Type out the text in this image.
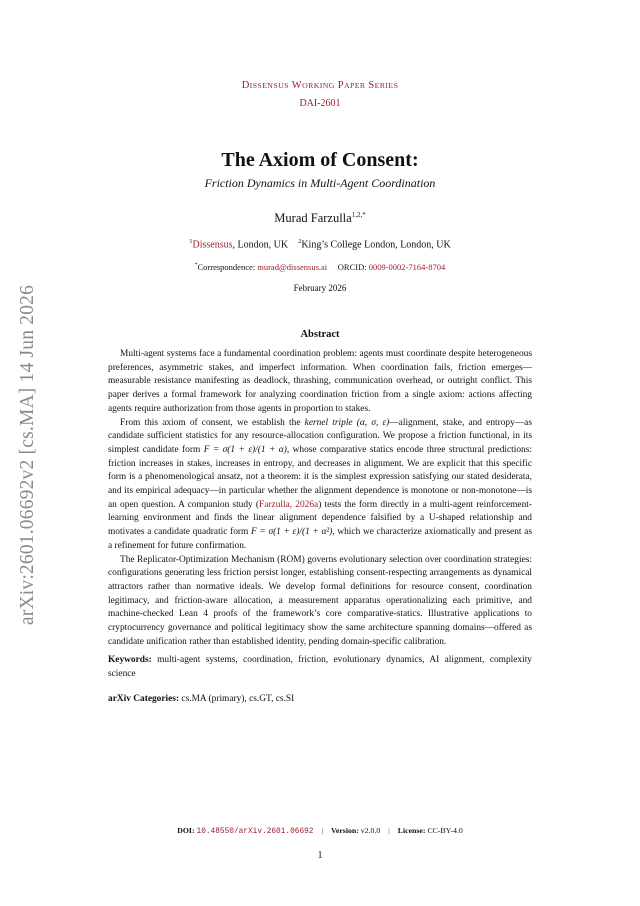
arXiv:2601.06692v2 [cs.MA] 14 Jun 2026
DISSENSUS WORKING PAPER SERIES
DAI-2601
The Axiom of Consent:
Friction Dynamics in Multi-Agent Coordination
Murad Farzulla$^{1,2,*}$
$^1$Dissensus, London, UK $^2$King’s College London, London, UK
*Correspondence: murad@dissensus.ai ORCID: 0009-0002-7164-8704
February 2026
Abstract

Multi-agent systems face a fundamental coordination problem: agents must coordinate despite heterogeneous preferences, asymmetric stakes, and imperfect information. When coordination fails, friction emerges—measurable resistance manifesting as deadlock, thrashing, communication overhead, or outright conflict. This paper derives a formal framework for analyzing coordination friction from a single axiom: actions affecting agents require authorization from those agents in proportion to stakes.

From this axiom of consent, we establish the kernel triple (α, σ, ε)—alignment, stake, and entropy—as candidate sufficient statistics for any resource-allocation configuration. We propose a friction functional, in its simplest candidate form F = σ(1 + ε)/(1 + α), whose comparative statics encode three structural predictions: friction increases in stakes, increases in entropy, and decreases in alignment. We are explicit that this specific form is a phenomenological ansatz, not a theorem: it is the simplest expression satisfying our stated desiderata, and its empirical adequacy—in particular whether the alignment dependence is monotone or non-monotone—is an open question. A companion study (Farzulla, 2026a) tests the form directly in a multi-agent reinforcement-learning environment and finds the linear alignment dependence falsified by a U-shaped relationship and motivates a candidate quadratic form F = σ(1 + ε)/(1 + α²), which we characterize axiomatically and present as a refinement for future confirmation.

The Replicator-Optimization Mechanism (ROM) governs evolutionary selection over coordination strategies: configurations generating less friction persist longer, establishing consent-respecting arrangements as dynamical attractors rather than normative ideals. We develop formal definitions for resource consent, coordination legitimacy, and friction-aware allocation, a measurement apparatus operationalizing each primitive, and machine-checked Lean 4 proofs of the framework’s core comparative-statics. Illustrative applications to cryptocurrency governance and political legitimacy show the same architecture spanning domains—offered as candidate unification rather than established identity, pending domain-specific calibration.

Keywords: multi-agent systems, coordination, friction, evolutionary dynamics, AI alignment, complexity science

arXiv Categories: cs.MA (primary), cs.GT, cs.SI

DOI: 10.48550/arXiv.2601.06692 | Version: v2.0.0 | License: CC-BY-4.0
1
